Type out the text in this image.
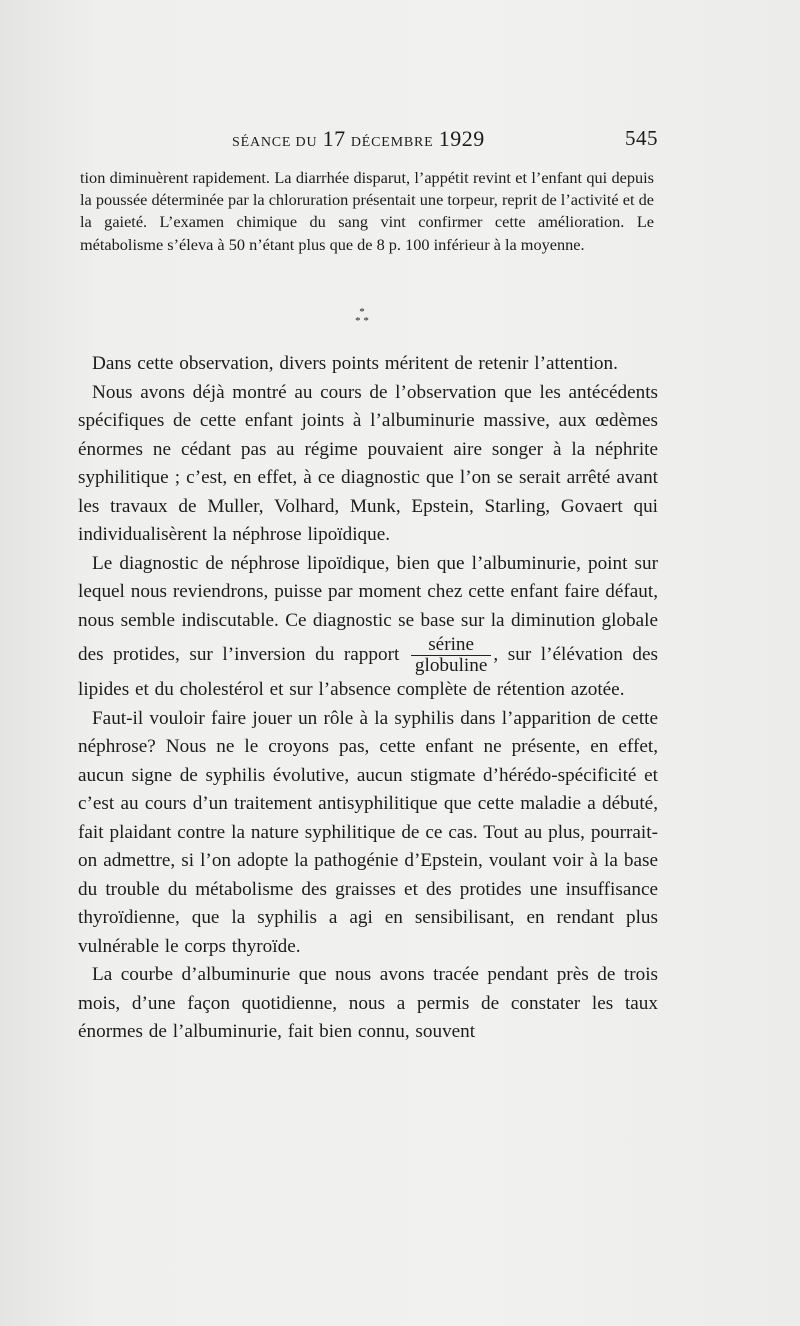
SÉANCE DU 17 DÉCEMBRE 1929	545

tion diminuèrent rapidement. La diarrhée disparut, l’appétit revint et l’enfant qui depuis la poussée déterminée par la chloruration présentait une torpeur, reprit de l’activité et de la gaieté. L’examen chimique du sang vint confirmer cette amélioration. Le métabolisme s’éleva à 50 n’étant plus que de 8 p. 100 inférieur à la moyenne.

*
* *

Dans cette observation, divers points méritent de retenir l’attention.

Nous avons déjà montré au cours de l’observation que les antécédents spécifiques de cette enfant joints à l’albuminurie massive, aux œdèmes énormes ne cédant pas au régime pouvaient aire songer à la néphrite syphilitique ; c’est, en effet, à ce diagnostic que l’on se serait arrêté avant les travaux de Muller, Volhard, Munk, Epstein, Starling, Govaert qui individualisèrent la néphrose lipoïdique.

Le diagnostic de néphrose lipoïdique, bien que l’albuminurie, point sur lequel nous reviendrons, puisse par moment chez cette enfant faire défaut, nous semble indiscutable. Ce diagnostic se base sur la diminution globale des protides, sur l’inversion du rapport $\frac{\text{sérine}}{\text{globuline}}$ , sur l’élévation des lipides et du cholestérol et sur l’absence complète de rétention azotée.

Faut-il vouloir faire jouer un rôle à la syphilis dans l’apparition de cette néphrose? Nous ne le croyons pas, cette enfant ne présente, en effet, aucun signe de syphilis évolutive, aucun stigmate d’hérédo-spécificité et c’est au cours d’un traitement antisyphilitique que cette maladie a débuté, fait plaidant contre la nature syphilitique de ce cas. Tout au plus, pourrait-on admettre, si l’on adopte la pathogénie d’Epstein, voulant voir à la base du trouble du métabolisme des graisses et des protides une insuffisance thyroïdienne, que la syphilis a agi en sensibilisant, en rendant plus vulnérable le corps thyroïde.

La courbe d’albuminurie que nous avons tracée pendant près de trois mois, d’une façon quotidienne, nous a permis de constater les taux énormes de l’albuminurie, fait bien connu, souvent
